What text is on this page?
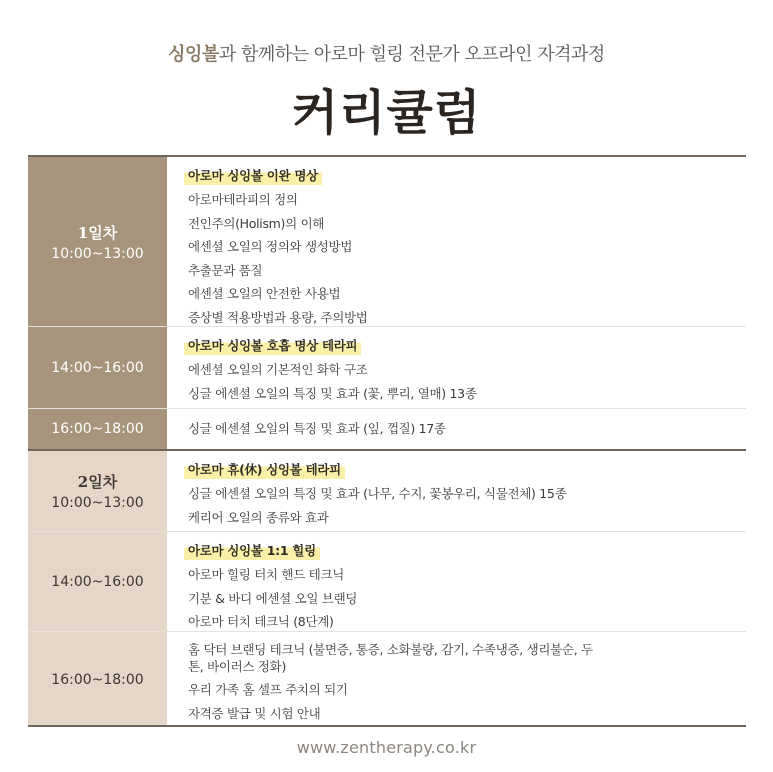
싱잉볼과 함께하는 아로마 힐링 전문가 오프라인 자격과정
커리큘럼
1일차
10:00~13:00
아로마 싱잉볼 이완 명상
아로마테라피의 정의
전인주의(Holism)의 이해
에센셜 오일의 정의와 생성방법
추출문과 품질
에센셜 오일의 안전한 사용법
증상별 적용방법과 용량, 주의방법
14:00~16:00
아로마 싱잉볼 호흡 명상 테라피
에센셜 오일의 기본적인 화학 구조
싱글 에센셜 오일의 특징 및 효과 (꽃, 뿌리, 열매) 13종
16:00~18:00	싱글 에센셜 오일의 특징 및 효과 (잎, 껍질) 17종
2일차
10:00~13:00
아로마 휴(休) 싱잉볼 테라피
싱글 에센셜 오일의 특징 및 효과 (나무, 수지, 꽃봉우리, 식물전체) 15종
케리어 오일의 종류와 효과
14:00~16:00
아로마 싱잉볼 1:1 힐링
아로마 힐링 터치 핸드 테크닉
기분 & 바디 에센셜 오일 브랜딩
아로마 터치 테크닉 (8단계)
16:00~18:00
홈 닥터 브랜딩 테크닉 (불면증, 통증, 소화불량, 감기, 수족냉증, 생리불순, 두톤, 바이러스 정화)
우리 가족 홈 셀프 주치의 되기
자격증 발급 및 시험 안내
www.zentherapy.co.kr
